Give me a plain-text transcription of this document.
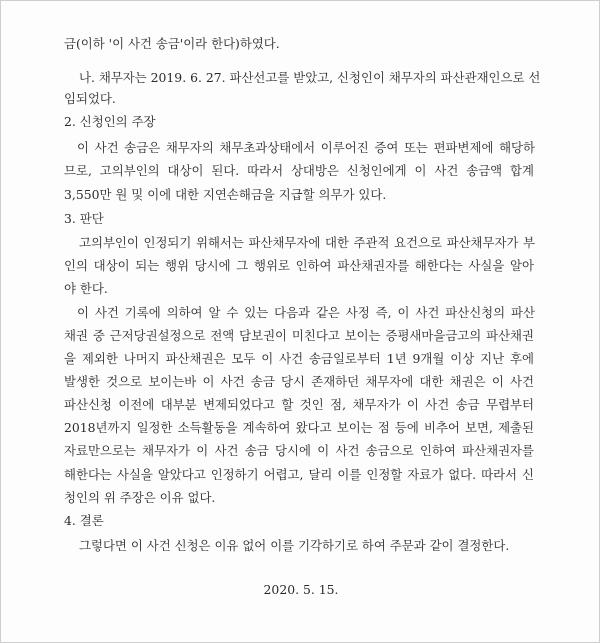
금(이하 '이 사건 송금'이라 한다)하였다.
나. 채무자는 2019. 6. 27. 파산선고를 받았고, 신청인이 채무자의 파산관재인으로 선
임되었다.
2. 신청인의 주장
이 사건 송금은 채무자의 채무초과상태에서 이루어진 증여 또는 편파변제에 해당하
므로, 고의부인의 대상이 된다. 따라서 상대방은 신청인에게 이 사건 송금액 합계
3,550만 원 및 이에 대한 지연손해금을 지급할 의무가 있다.
3. 판단
고의부인이 인정되기 위해서는 파산채무자에 대한 주관적 요건으로 파산채무자가 부
인의 대상이 되는 행위 당시에 그 행위로 인하여 파산채권자를 해한다는 사실을 알아
야 한다.
이 사건 기록에 의하여 알 수 있는 다음과 같은 사정 즉, 이 사건 파산신청의 파산
채권 중 근저당권설정으로 전액 담보권이 미친다고 보이는 증평새마을금고의 파산채권
을 제외한 나머지 파산채권은 모두 이 사건 송금일로부터 1년 9개월 이상 지난 후에
발생한 것으로 보이는바 이 사건 송금 당시 존재하던 채무자에 대한 채권은 이 사건
파산신청 이전에 대부분 변제되었다고 할 것인 점, 채무자가 이 사건 송금 무렵부터
2018년까지 일정한 소득활동을 계속하여 왔다고 보이는 점 등에 비추어 보면, 제출된
자료만으로는 채무자가 이 사건 송금 당시에 이 사건 송금으로 인하여 파산채권자를
해한다는 사실을 알았다고 인정하기 어렵고, 달리 이를 인정할 자료가 없다. 따라서 신
청인의 위 주장은 이유 없다.
4. 결론
그렇다면 이 사건 신청은 이유 없어 이를 기각하기로 하여 주문과 같이 결정한다.
2020. 5. 15.
